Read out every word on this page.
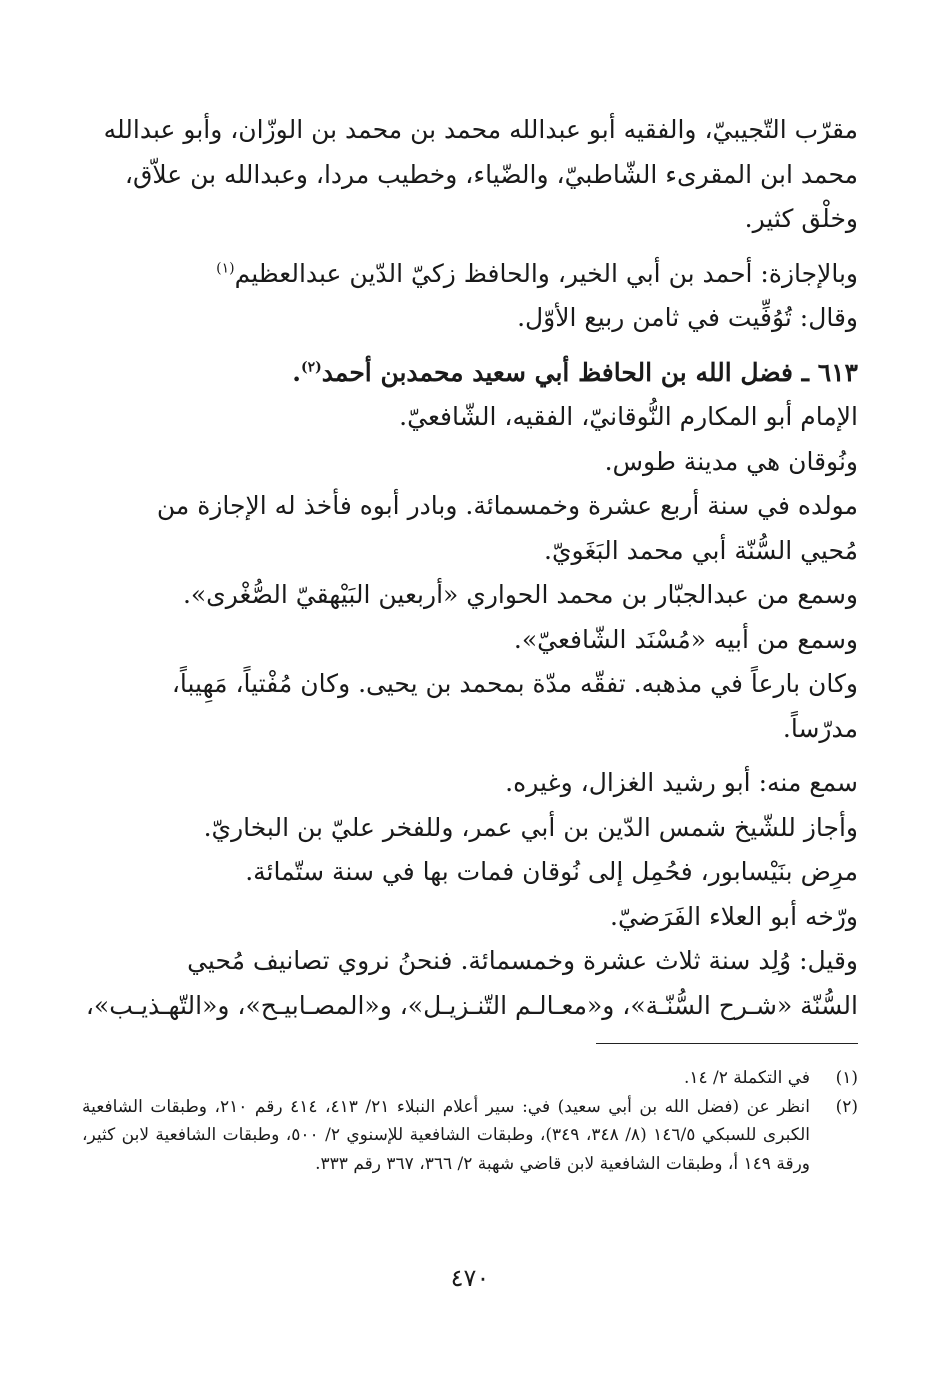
مقرّب التّجيبيّ، والفقيه أبو عبدالله محمد بن محمد بن الوزّان، وأبو عبدالله

محمد ابن المقرىء الشّاطبيّ، والضّياء، وخطيب مردا، وعبدالله بن علاّق،

وخلْق كثير.

وبالإجازة: أحمد بن أبي الخير، والحافظ زكيّ الدّين عبدالعظيم$^{(١)}$

وقال: تُوُفِّيت في ثامن ربيع الأوّل.

٦١٣ ـ فضل الله بن الحافظ أبي سعيد محمدبن أحمد$^{(٢)}$.

الإمام أبو المكارم النُّوقانيّ، الفقيه، الشّافعيّ.

ونُوقان هي مدينة طوس.

مولده في سنة أربع عشرة وخمسمائة. وبادر أبوه فأخذ له الإجازة من

مُحيي السُّنّة أبي محمد البَغَويّ.

وسمع من عبدالجبّار بن محمد الحواري «أربعين البَيْهقيّ الصُّغْرى».

وسمع من أبيه «مُسْنَد الشّافعيّ».

وكان بارعاً في مذهبه. تفقّه مدّة بمحمد بن يحيى. وكان مُفْتياً، مَهِيباً،

مدرّساً.

سمع منه: أبو رشيد الغزال، وغيره.

وأجاز للشّيخ شمس الدّين بن أبي عمر، وللفخر عليّ بن البخاريّ.

مرِض بنَيْسابور، فحُمِل إلى نُوقان فمات بها في سنة ستّمائة.

ورّخه أبو العلاء الفَرَضيّ.

وقيل: وُلِد سنة ثلاث عشرة وخمسمائة. فنحنُ نروي تصانيف مُحيي

السُّنّة «شـرح السُّنّـة»، و«معـالـم التّنـزيـل»، و«المصـابيـح»، و«التّهـذيـب»،

(١)
في التكملة ٢/ ١٤.
(٢)
انظر عن (فضل الله بن أبي سعيد) في: سير أعلام النبلاء ٢١/ ٤١٣، ٤١٤ رقم ٢١٠، وطبقات الشافعية الكبرى للسبكي ١٤٦/٥ (٨/ ٣٤٨، ٣٤٩)، وطبقات الشافعية للإسنوي ٢/ ٥٠٠، وطبقات الشافعية لابن كثير، ورقة ١٤٩ أ، وطبقات الشافعية لابن قاضي شهبة ٢/ ٣٦٦، ٣٦٧ رقم ٣٣٣.
٤٧٠
